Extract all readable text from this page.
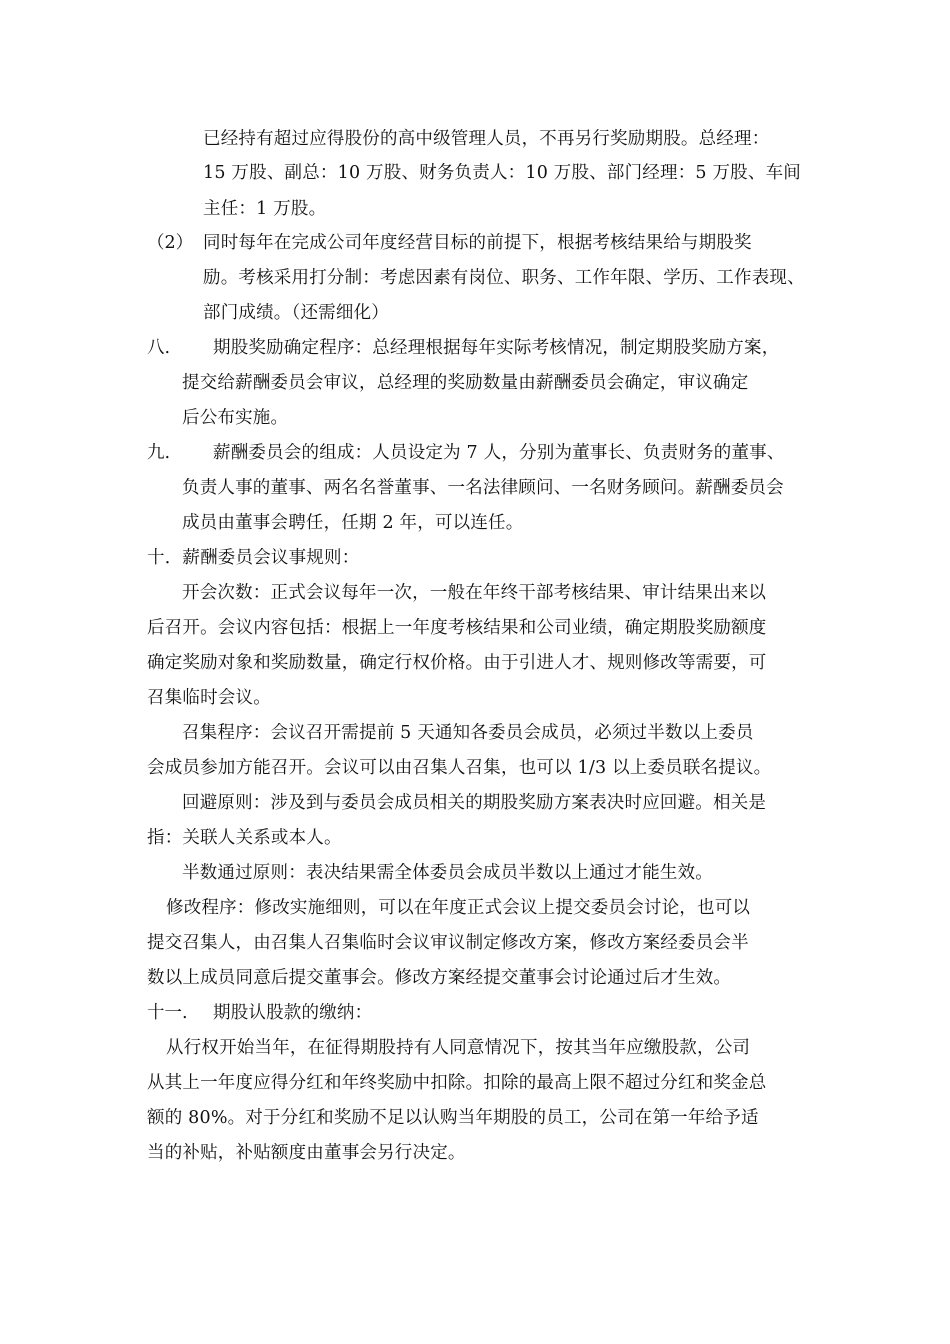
已经持有超过应得股份的高中级管理人员，不再另行奖励期股。总经理：
15 万股、副总：10 万股、财务负责人：10 万股、部门经理：5 万股、车间
主任：1 万股。
（2） 同时每年在完成公司年度经营目标的前提下，根据考核结果给与期股奖
励。考核采用打分制：考虑因素有岗位、职务、工作年限、学历、工作表现、
部门成绩。（还需细化）
八. 期股奖励确定程序：总经理根据每年实际考核情况，制定期股奖励方案，
提交给薪酬委员会审议，总经理的奖励数量由薪酬委员会确定，审议确定
后公布实施。
九. 薪酬委员会的组成：人员设定为 7 人，分别为董事长、负责财务的董事、
负责人事的董事、两名名誉董事、一名法律顾问、一名财务顾问。薪酬委员会
成员由董事会聘任，任期 2 年，可以连任。
十．薪酬委员会议事规则：
开会次数：正式会议每年一次，一般在年终干部考核结果、审计结果出来以
后召开。会议内容包括：根据上一年度考核结果和公司业绩，确定期股奖励额度
确定奖励对象和奖励数量，确定行权价格。由于引进人才、规则修改等需要，可
召集临时会议。
召集程序：会议召开需提前 5 天通知各委员会成员，必须过半数以上委员
会成员参加方能召开。会议可以由召集人召集，也可以 1/3 以上委员联名提议。
回避原则：涉及到与委员会成员相关的期股奖励方案表决时应回避。相关是
指：关联人关系或本人。
半数通过原则：表决结果需全体委员会成员半数以上通过才能生效。
修改程序：修改实施细则，可以在年度正式会议上提交委员会讨论，也可以
提交召集人，由召集人召集临时会议审议制定修改方案，修改方案经委员会半
数以上成员同意后提交董事会。修改方案经提交董事会讨论通过后才生效。
十一. 期股认股款的缴纳：
从行权开始当年，在征得期股持有人同意情况下，按其当年应缴股款，公司
从其上一年度应得分红和年终奖励中扣除。扣除的最高上限不超过分红和奖金总
额的 80%。对于分红和奖励不足以认购当年期股的员工，公司在第一年给予适
当的补贴，补贴额度由董事会另行决定。
